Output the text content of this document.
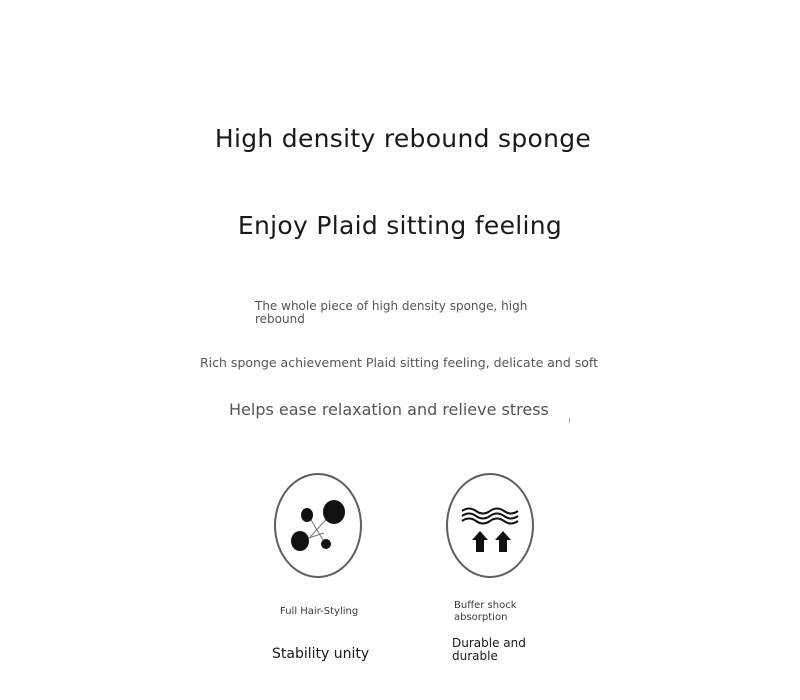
High density rebound sponge
Enjoy Plaid sitting feeling
The whole piece of high density sponge, high rebound
Rich sponge achievement Plaid sitting feeling, delicate and soft
Helps ease relaxation and relieve stress
Full Hair-Styling
Buffer shock absorption
Stability unity
Durable and durable
